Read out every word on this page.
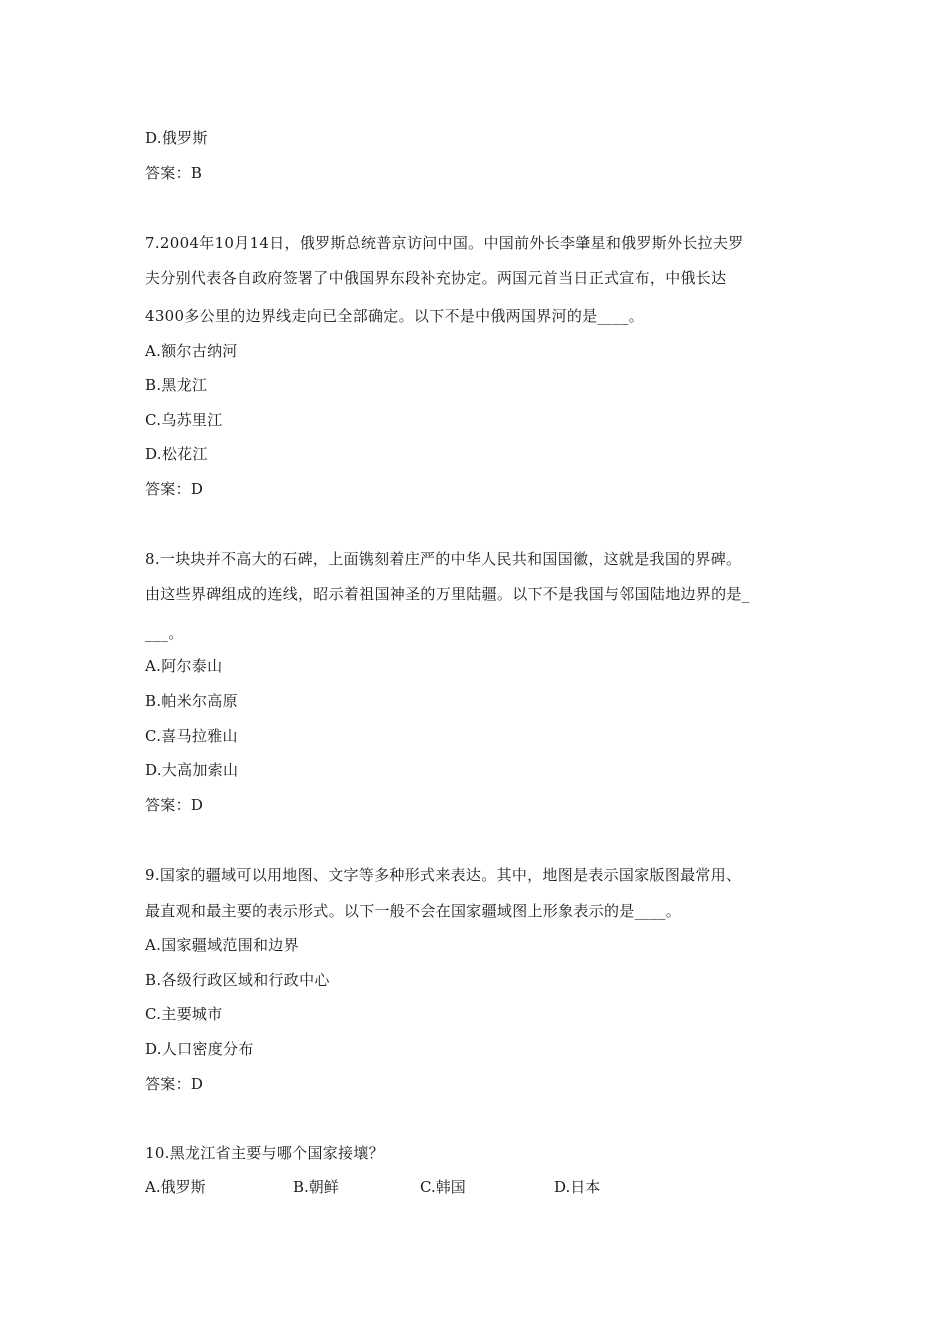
D.俄罗斯
答案：B
7.2004年10月14日，俄罗斯总统普京访问中国。中国前外长李肇星和俄罗斯外长拉夫罗
夫分别代表各自政府签署了中俄国界东段补充协定。两国元首当日正式宣布，中俄长达
4300多公里的边界线走向已全部确定。以下不是中俄两国界河的是____。
A.额尔古纳河
B.黑龙江
C.乌苏里江
D.松花江
答案：D
8.一块块并不高大的石碑，上面镌刻着庄严的中华人民共和国国徽，这就是我国的界碑。
由这些界碑组成的连线，昭示着祖国神圣的万里陆疆。以下不是我国与邻国陆地边界的是_
___。
A.阿尔泰山
B.帕米尔高原
C.喜马拉雅山
D.大高加索山
答案：D
9.国家的疆域可以用地图、文字等多种形式来表达。其中，地图是表示国家版图最常用、
最直观和最主要的表示形式。以下一般不会在国家疆域图上形象表示的是____。
A.国家疆域范围和边界
B.各级行政区域和行政中心
C.主要城市
D.人口密度分布
答案：D
10.黑龙江省主要与哪个国家接壤？
A.俄罗斯	B.朝鲜	C.韩国	D.日本
